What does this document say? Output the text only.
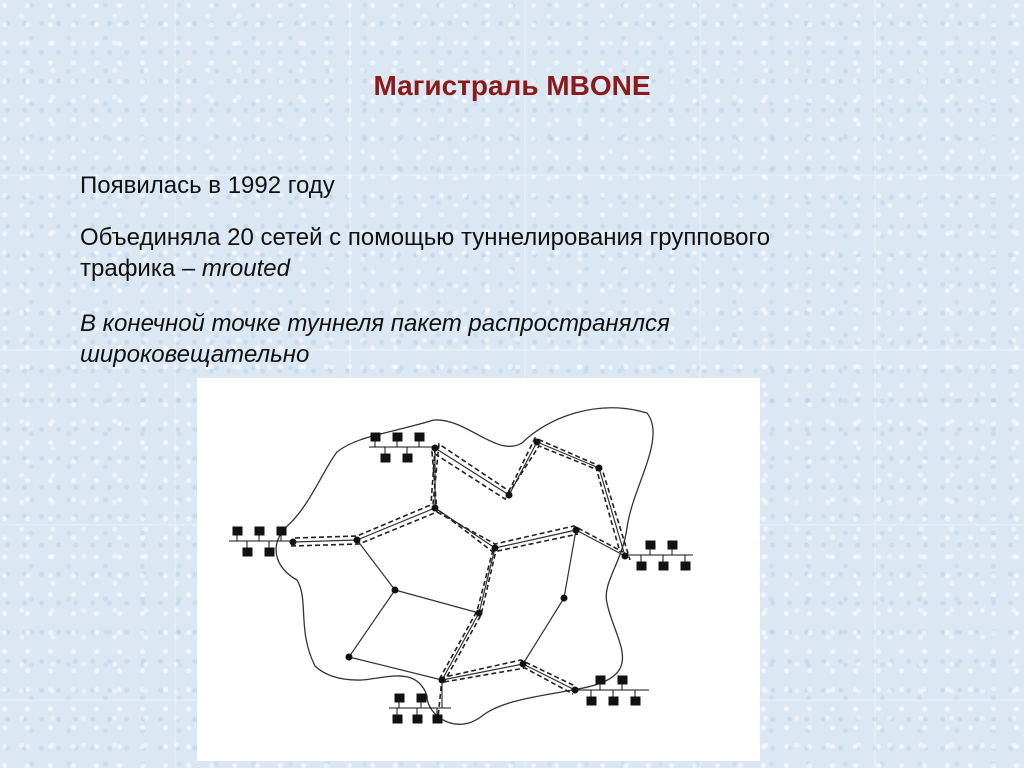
Магистраль MBONE
Появилась в 1992 году
Объединяла 20 сетей с помощью туннелирования группового трафика – mrouted
В конечной точке туннеля пакет распространялся широковещательно
